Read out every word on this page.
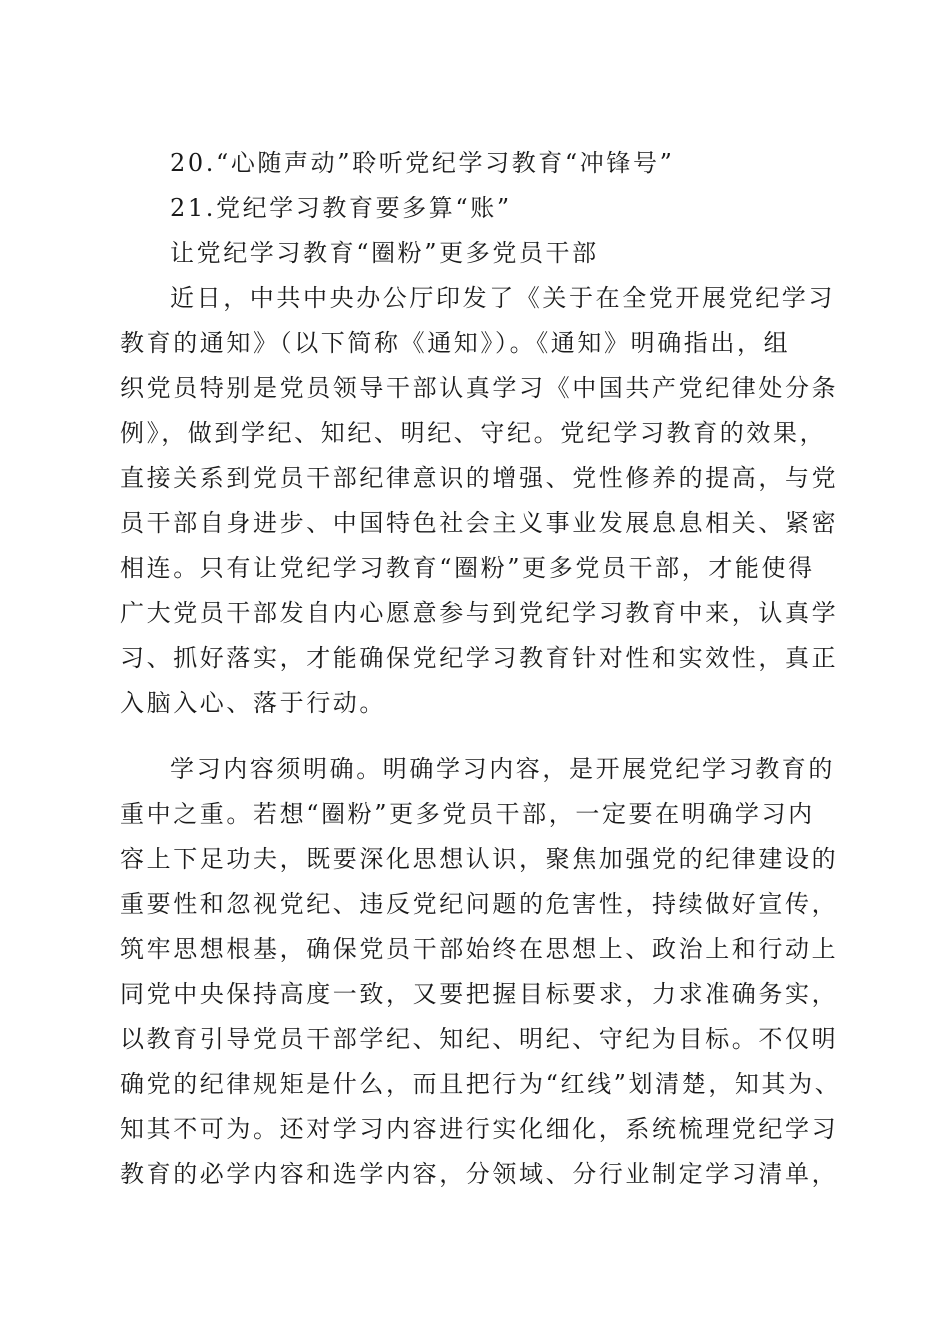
20.“心随声动”聆听党纪学习教育“冲锋号”
21.党纪学习教育要多算“账”
让党纪学习教育“圈粉”更多党员干部
近日，中共中央办公厅印发了《关于在全党开展党纪学习
教育的通知》（以下简称《通知》）。《通知》明确指出，组
织党员特别是党员领导干部认真学习《中国共产党纪律处分条
例》，做到学纪、知纪、明纪、守纪。党纪学习教育的效果，
直接关系到党员干部纪律意识的增强、党性修养的提高，与党
员干部自身进步、中国特色社会主义事业发展息息相关、紧密
相连。只有让党纪学习教育“圈粉”更多党员干部，才能使得
广大党员干部发自内心愿意参与到党纪学习教育中来，认真学
习、抓好落实，才能确保党纪学习教育针对性和实效性，真正
入脑入心、落于行动。
学习内容须明确。明确学习内容，是开展党纪学习教育的
重中之重。若想“圈粉”更多党员干部，一定要在明确学习内
容上下足功夫，既要深化思想认识，聚焦加强党的纪律建设的
重要性和忽视党纪、违反党纪问题的危害性，持续做好宣传，
筑牢思想根基，确保党员干部始终在思想上、政治上和行动上
同党中央保持高度一致，又要把握目标要求，力求准确务实，
以教育引导党员干部学纪、知纪、明纪、守纪为目标。不仅明
确党的纪律规矩是什么，而且把行为“红线”划清楚，知其为、
知其不可为。还对学习内容进行实化细化，系统梳理党纪学习
教育的必学内容和选学内容，分领域、分行业制定学习清单，
